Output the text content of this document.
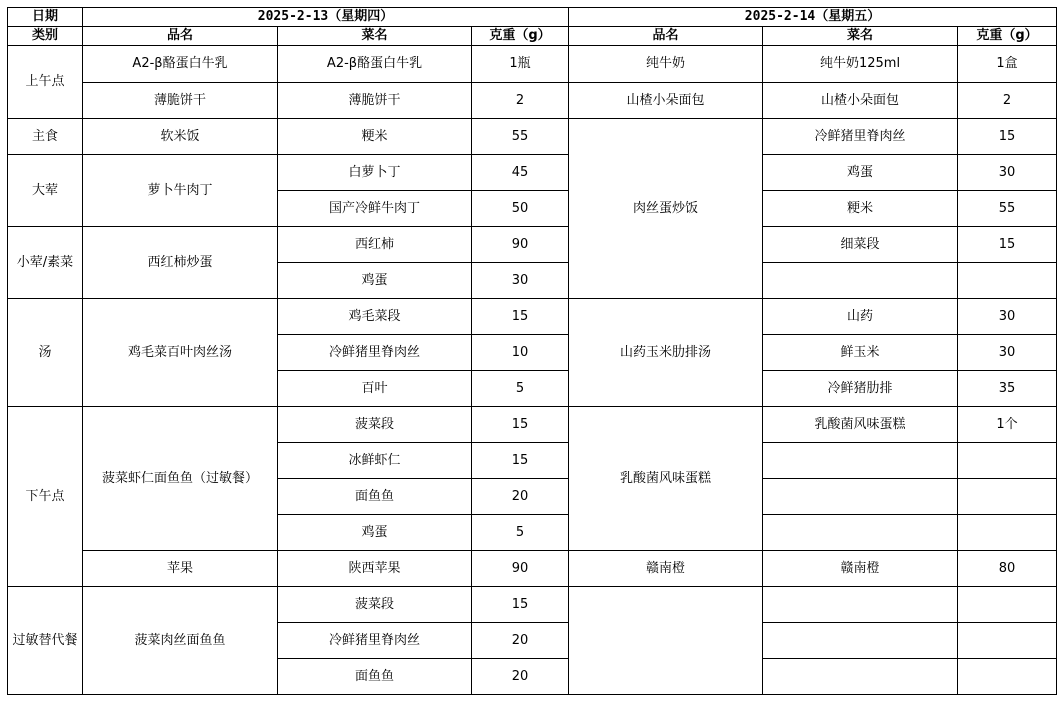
日期	2025-2-13（星期四）			2025-2-14（星期五）		
类别	品名	菜名	克重（g）	品名	菜名	克重（g）
上午点	A2-β酪蛋白牛乳	A2-β酪蛋白牛乳	1瓶	纯牛奶	纯牛奶125ml	1盒
	薄脆饼干	薄脆饼干	2	山楂小朵面包	山楂小朵面包	2
主食	软米饭	粳米	55	肉丝蛋炒饭	冷鲜猪里脊肉丝	15
大荤	萝卜牛肉丁	白萝卜丁	45		鸡蛋	30
		国产冷鲜牛肉丁	50		粳米	55
小荤/素菜	西红柿炒蛋	西红柿	90		细菜段	15
		鸡蛋	30			
汤	鸡毛菜百叶肉丝汤	鸡毛菜段	15	山药玉米肋排汤	山药	30
		冷鲜猪里脊肉丝	10		鲜玉米	30
		百叶	5		冷鲜猪肋排	35
下午点	菠菜虾仁面鱼鱼（过敏餐）	菠菜段	15	乳酸菌风味蛋糕	乳酸菌风味蛋糕	1个
		冰鲜虾仁	15			
		面鱼鱼	20			
		鸡蛋	5			
	苹果	陕西苹果	90	赣南橙	赣南橙	80
过敏替代餐	菠菜肉丝面鱼鱼	菠菜段	15			
		冷鲜猪里脊肉丝	20			
		面鱼鱼	20			
